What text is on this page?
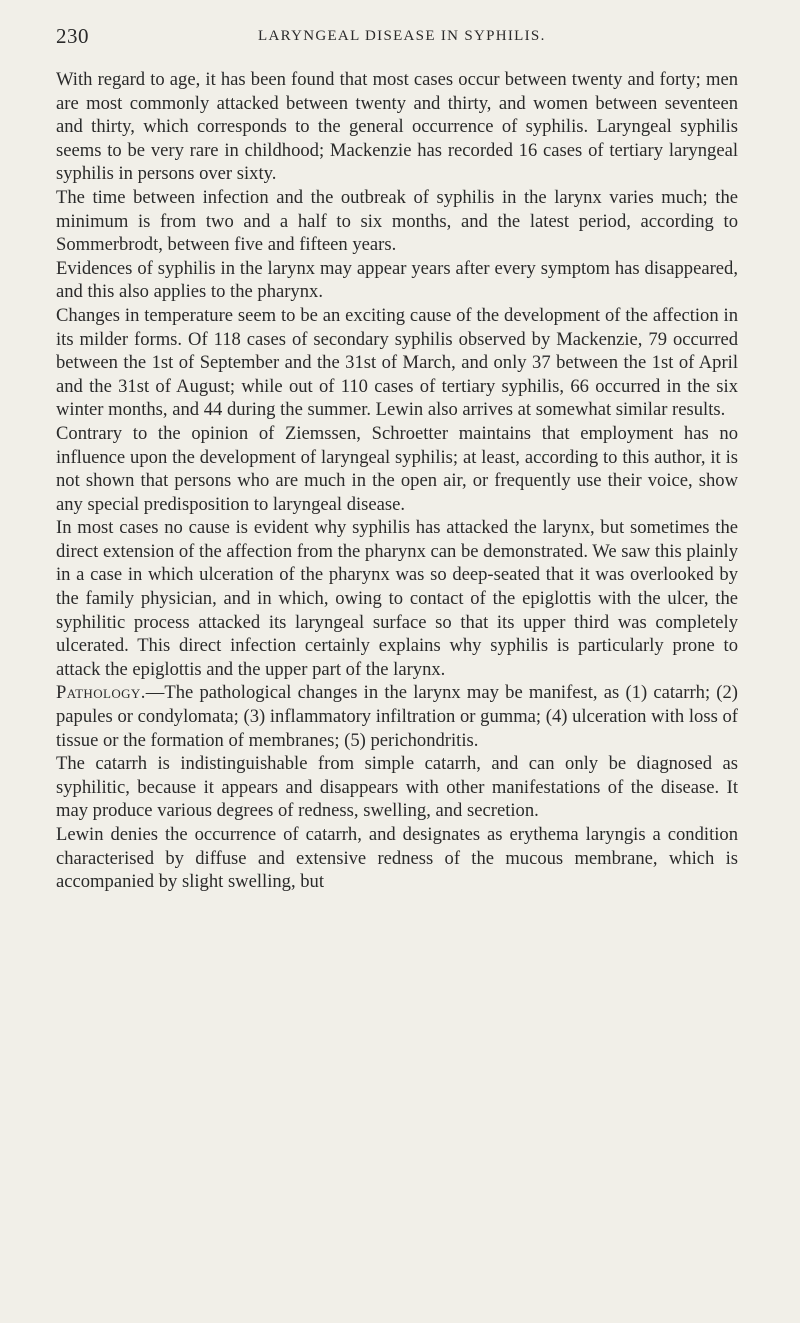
230	LARYNGEAL DISEASE IN SYPHILIS.

With regard to age, it has been found that most cases occur between twenty and forty; men are most commonly attacked between twenty and thirty, and women between seventeen and thirty, which corresponds to the general occurrence of syphilis. Laryngeal syphilis seems to be very rare in childhood; Mackenzie has recorded 16 cases of tertiary laryngeal syphilis in persons over sixty.

The time between infection and the outbreak of syphilis in the larynx varies much; the minimum is from two and a half to six months, and the latest period, according to Sommerbrodt, between five and fifteen years.

Evidences of syphilis in the larynx may appear years after every symptom has disappeared, and this also applies to the pharynx.

Changes in temperature seem to be an exciting cause of the development of the affection in its milder forms. Of 118 cases of secondary syphilis observed by Mackenzie, 79 occurred between the 1st of September and the 31st of March, and only 37 between the 1st of April and the 31st of August; while out of 110 cases of tertiary syphilis, 66 occurred in the six winter months, and 44 during the summer. Lewin also arrives at somewhat similar results.

Contrary to the opinion of Ziemssen, Schroetter maintains that employment has no influence upon the development of laryngeal syphilis; at least, according to this author, it is not shown that persons who are much in the open air, or frequently use their voice, show any special predisposition to laryngeal disease.

In most cases no cause is evident why syphilis has attacked the larynx, but sometimes the direct extension of the affection from the pharynx can be demonstrated. We saw this plainly in a case in which ulceration of the pharynx was so deep-seated that it was overlooked by the family physician, and in which, owing to contact of the epiglottis with the ulcer, the syphilitic process attacked its laryngeal surface so that its upper third was completely ulcerated. This direct infection certainly explains why syphilis is particularly prone to attack the epiglottis and the upper part of the larynx.

Pathology.—The pathological changes in the larynx may be manifest, as (1) catarrh; (2) papules or condylomata; (3) inflammatory infiltration or gumma; (4) ulceration with loss of tissue or the formation of membranes; (5) perichondritis.

The catarrh is indistinguishable from simple catarrh, and can only be diagnosed as syphilitic, because it appears and disappears with other manifestations of the disease. It may produce various degrees of redness, swelling, and secretion.

Lewin denies the occurrence of catarrh, and designates as erythema laryngis a condition characterised by diffuse and extensive redness of the mucous membrane, which is accompanied by slight swelling, but
